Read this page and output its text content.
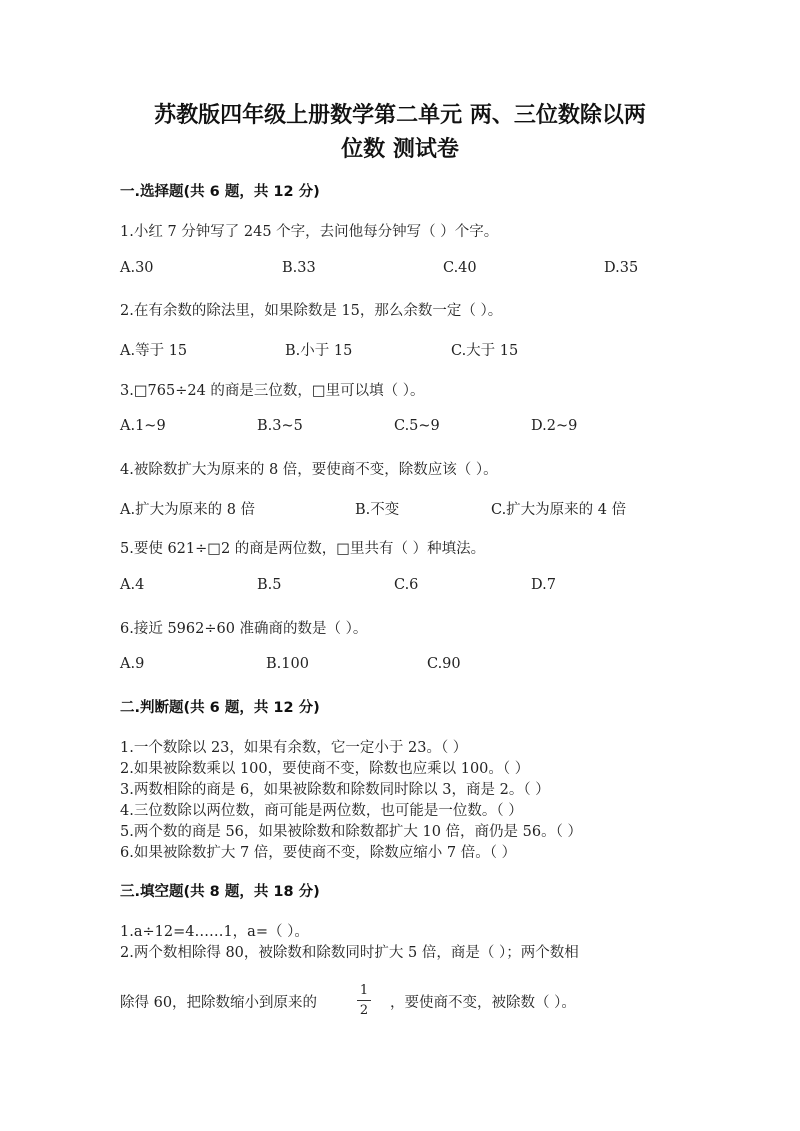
苏教版四年级上册数学第二单元 两、三位数除以两
位数 测试卷
一.选择题(共 6 题，共 12 分)
1.小红 7 分钟写了 245 个字，去问他每分钟写（ ）个字。
A.30	B.33	C.40	D.35
2.在有余数的除法里，如果除数是 15，那么余数一定（ ）。
A.等于 15	B.小于 15	C.大于 15
3.□765÷24 的商是三位数，□里可以填（ ）。
A.1~9	B.3~5	C.5~9	D.2~9
4.被除数扩大为原来的 8 倍，要使商不变，除数应该（ ）。
A.扩大为原来的 8 倍	B.不变	C.扩大为原来的 4 倍
5.要使 621÷□2 的商是两位数，□里共有（ ）种填法。
A.4	B.5	C.6	D.7
6.接近 5962÷60 准确商的数是（ ）。
A.9	B.100	C.90
二.判断题(共 6 题，共 12 分)
1.一个数除以 23，如果有余数，它一定小于 23。（ ）
2.如果被除数乘以 100，要使商不变，除数也应乘以 100。（ ）
3.两数相除的商是 6，如果被除数和除数同时除以 3，商是 2。（ ）
4.三位数除以两位数，商可能是两位数，也可能是一位数。（ ）
5.两个数的商是 56，如果被除数和除数都扩大 10 倍，商仍是 56。（ ）
6.如果被除数扩大 7 倍，要使商不变，除数应缩小 7 倍。（ ）
三.填空题(共 8 题，共 18 分)
1.a÷12=4……1，a=（ ）。
2.两个数相除得 80，被除数和除数同时扩大 5 倍，商是（ ）；两个数相
除得 60，把除数缩小到原来的
1
2 ，要使商不变，被除数（ ）。
